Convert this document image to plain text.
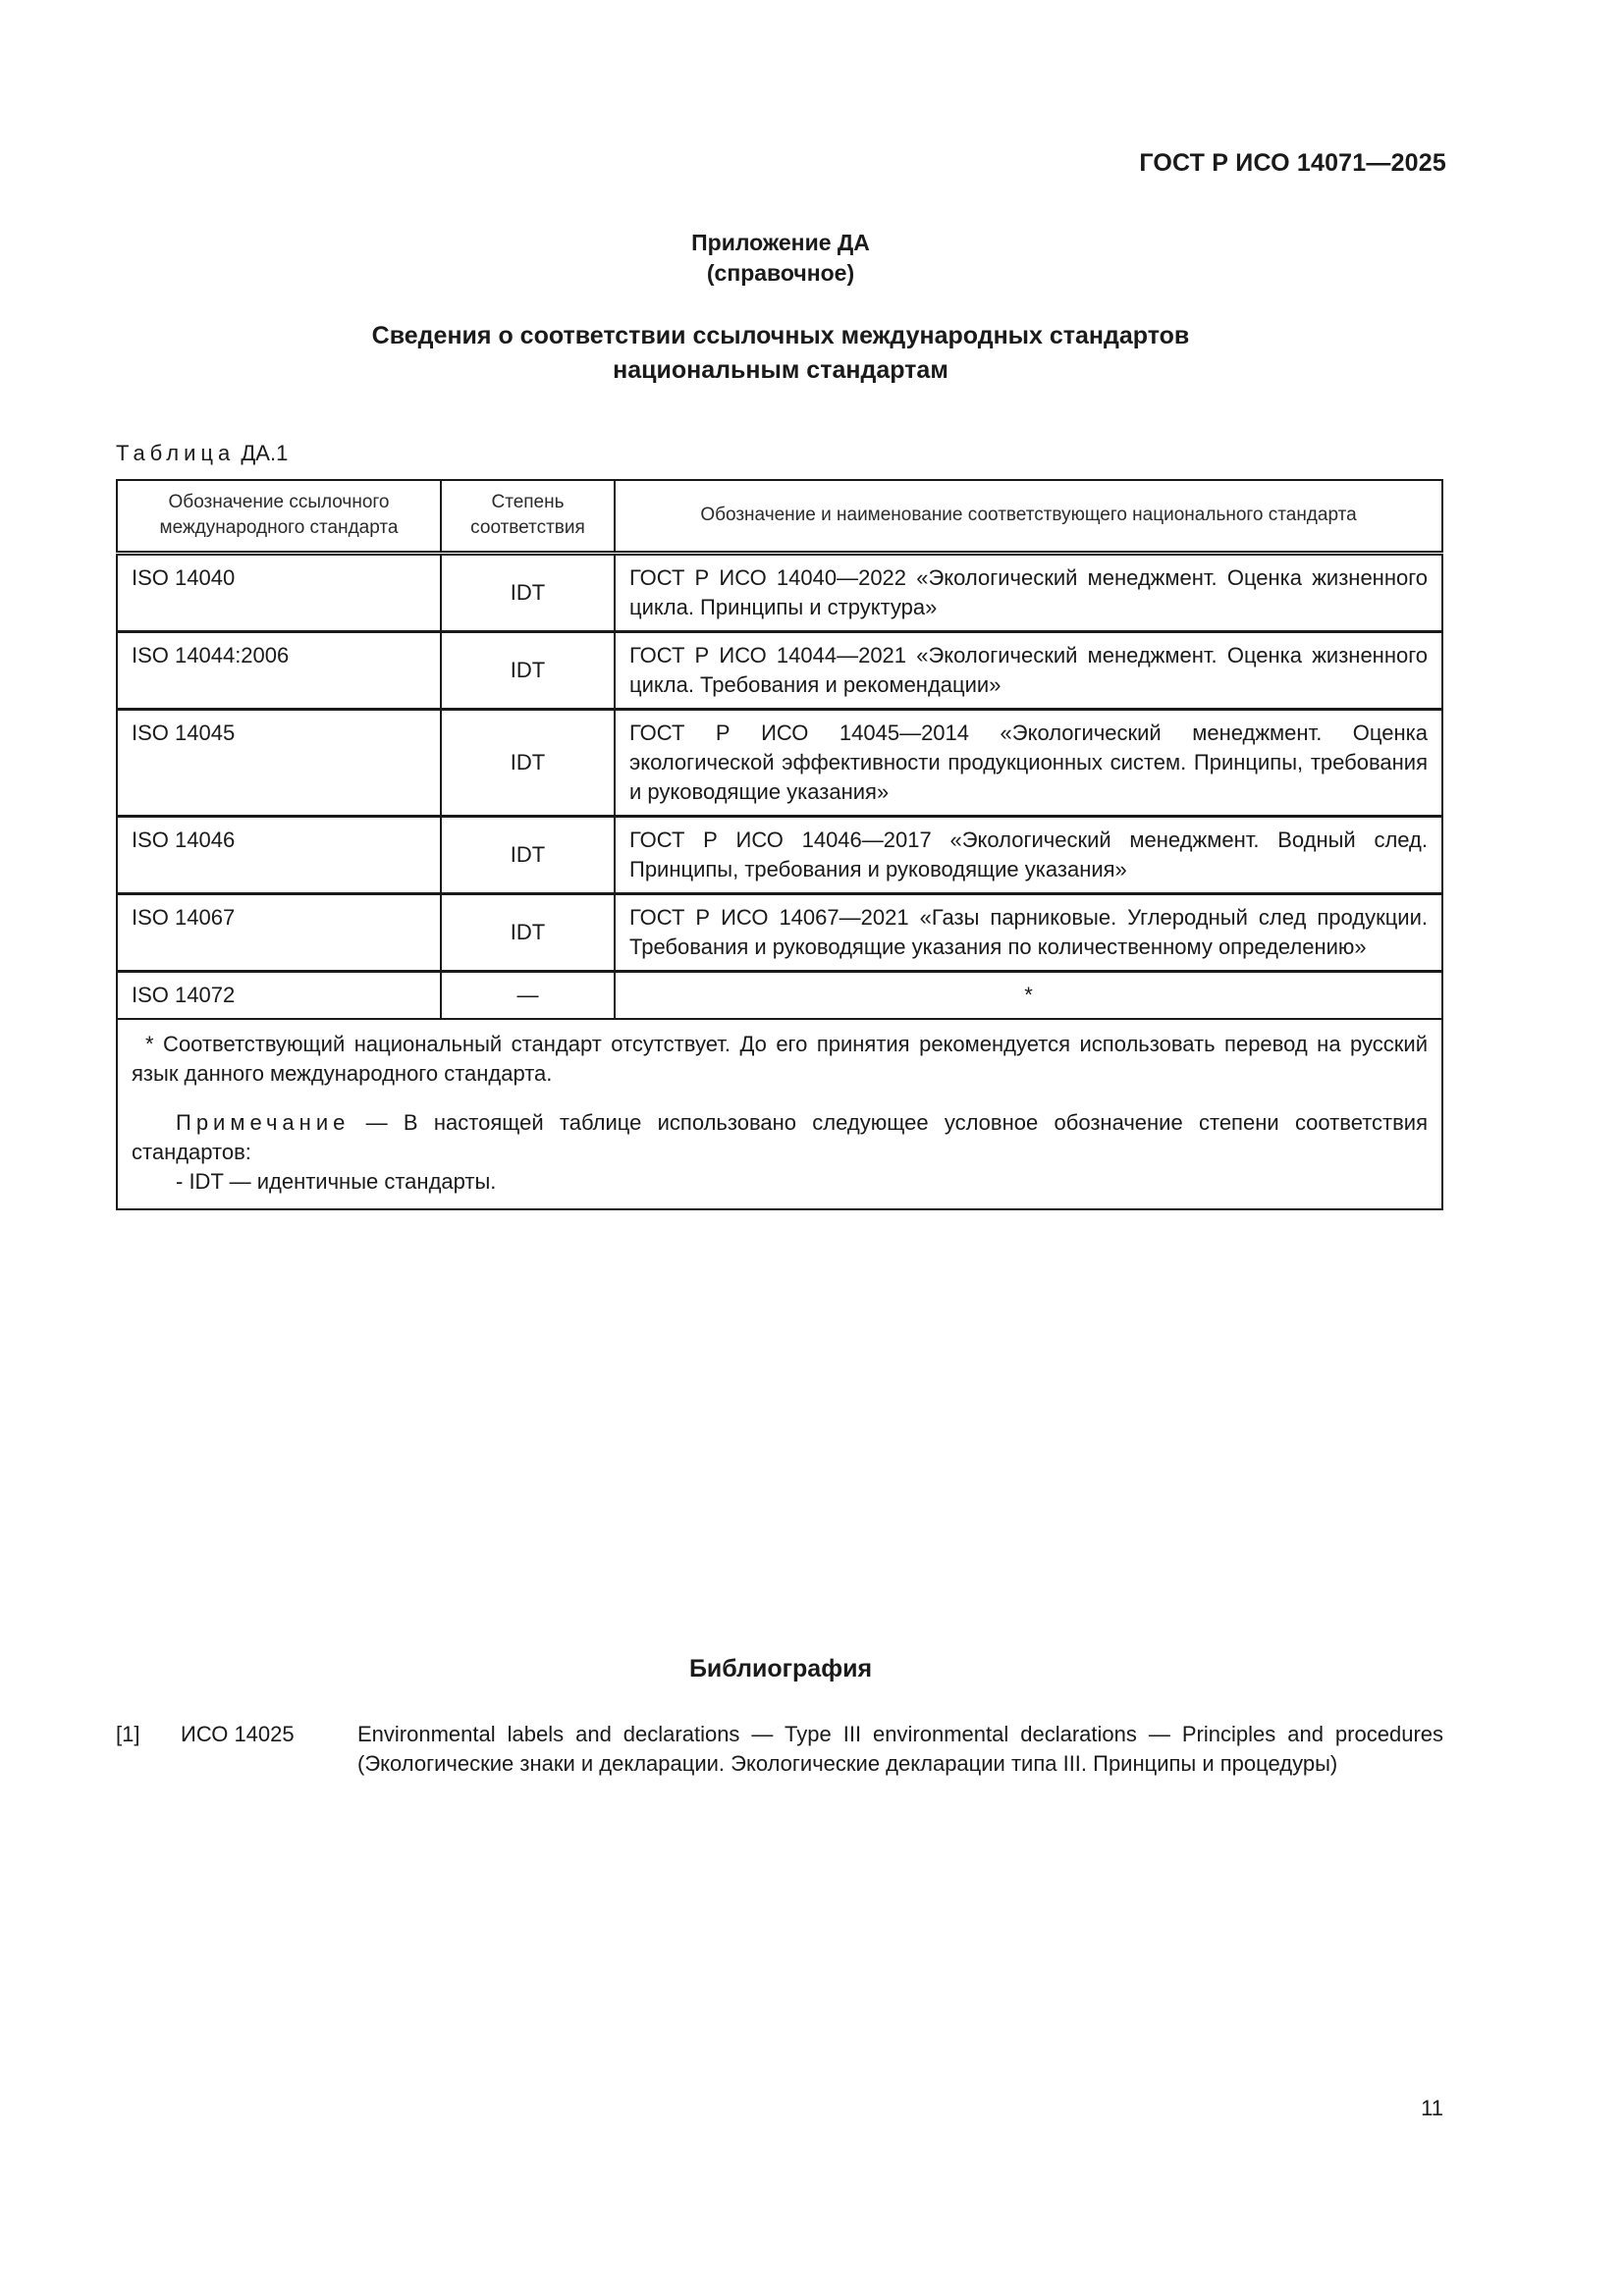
ГОСТ Р ИСО 14071—2025
Приложение ДА
(справочное)
Сведения о соответствии ссылочных международных стандартов
национальным стандартам
Таблица ДА.1
Обозначение ссылочного международного стандарта	Степень соответствия	Обозначение и наименование соответствующего национального стандарта
ISO 14040	IDT	ГОСТ Р ИСО 14040—2022 «Экологический менеджмент. Оценка жизненного цикла. Принципы и структура»
ISO 14044:2006	IDT	ГОСТ Р ИСО 14044—2021 «Экологический менеджмент. Оценка жизненного цикла. Требования и рекомендации»
ISO 14045	IDT	ГОСТ Р ИСО 14045—2014 «Экологический менеджмент. Оценка экологической эффективности продукционных систем. Принципы, требования и руководящие указания»
ISO 14046	IDT	ГОСТ Р ИСО 14046—2017 «Экологический менеджмент. Водный след. Принципы, требования и руководящие указания»
ISO 14067	IDT	ГОСТ Р ИСО 14067—2021 «Газы парниковые. Углеродный след продукции. Требования и руководящие указания по количественному определению»
ISO 14072	—	*

* Соответствующий национальный стандарт отсутствует. До его принятия рекомендуется использовать перевод на русский язык данного международного стандарта.
Примечание — В настоящей таблице использовано следующее условное обозначение степени соответствия стандартов:
- IDT — идентичные стандарты.		
Библиография
[1] ИСО 14025	Environmental labels and declarations — Type III environmental declarations — Principles and procedures (Экологические знаки и декларации. Экологические декларации типа III. Принципы и процедуры)
11
